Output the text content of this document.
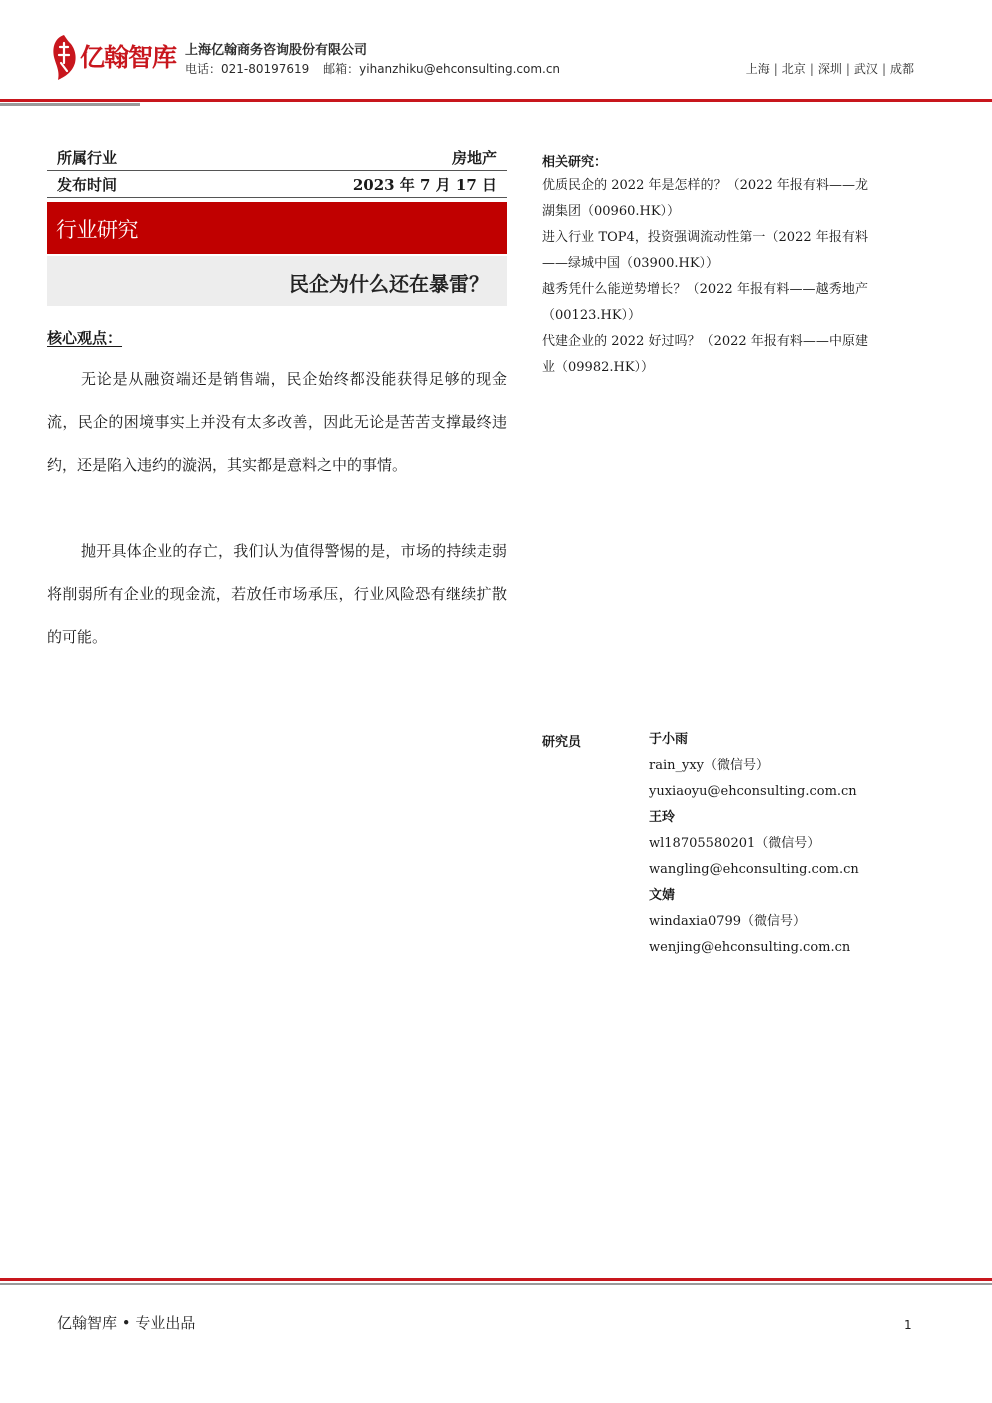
亿翰智库 上海亿翰商务咨询股份有限公司
电话：021-80197619 邮箱：yihanzhiku@ehconsulting.com.cn	上海 | 北京 | 深圳 | 武汉 | 成都
所属行业	房地产
发布时间	2023 年 7 月 17 日
行业研究
民企为什么还在暴雷？
核心观点：

无论是从融资端还是销售端，民企始终都没能获得足够的现金流，民企的困境事实上并没有太多改善，因此无论是苦苦支撑最终违约，还是陷入违约的漩涡，其实都是意料之中的事情。

抛开具体企业的存亡，我们认为值得警惕的是，市场的持续走弱将削弱所有企业的现金流，若放任市场承压，行业风险恐有继续扩散的可能。

相关研究：
优质民企的 2022 年是怎样的？（2022 年报有料——龙湖集团（00960.HK））
进入行业 TOP4，投资强调流动性第一（2022 年报有料——绿城中国（03900.HK））
越秀凭什么能逆势增长？（2022 年报有料——越秀地产（00123.HK））
代建企业的 2022 好过吗？（2022 年报有料——中原建业（09982.HK））
研究员	于小雨
rain_yxy（微信号）
yuxiaoyu@ehconsulting.com.cn
王玲
wl18705580201（微信号）
wangling@ehconsulting.com.cn
文婧
windaxia0799（微信号）
wenjing@ehconsulting.com.cn
亿翰智库 • 专业出品	1
